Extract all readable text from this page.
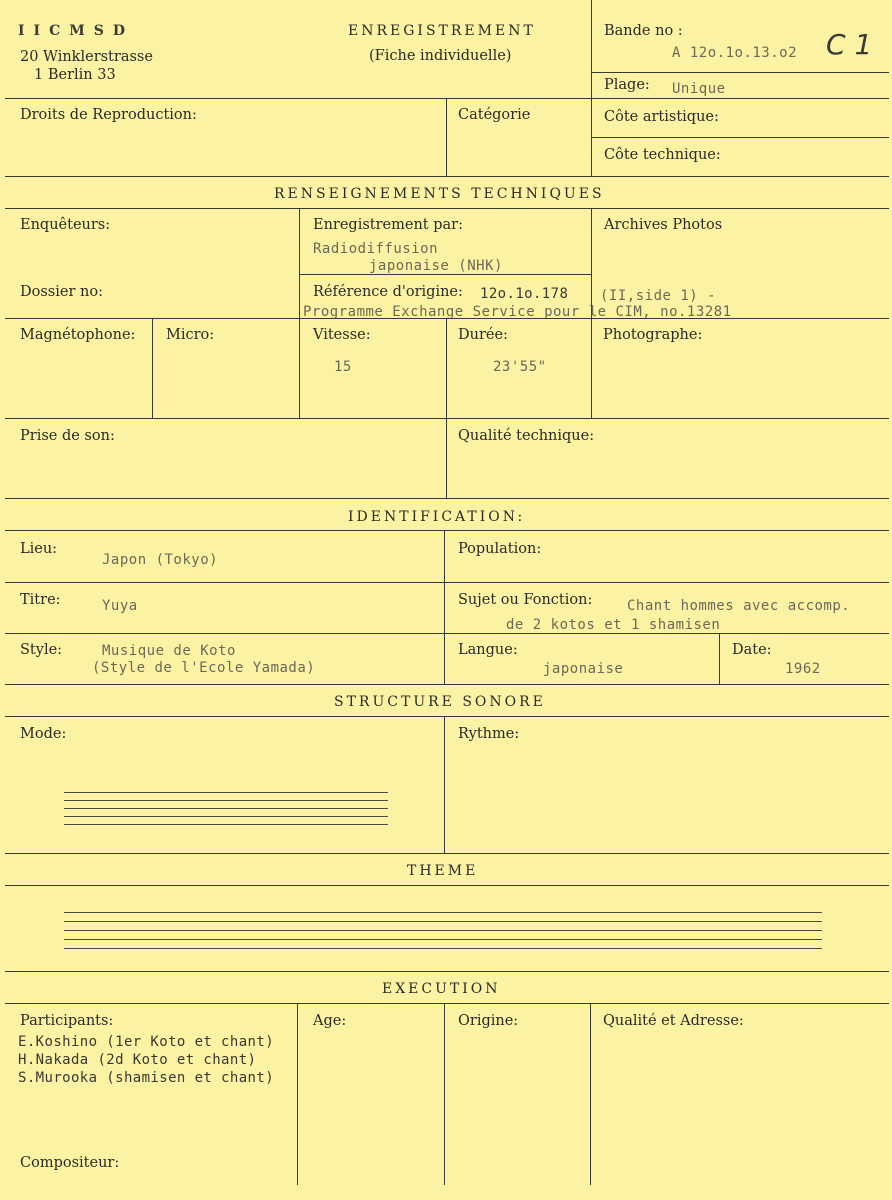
IICMSD
20 Winklerstrasse
1 Berlin 33
ENREGISTREMENT
(Fiche individuelle)
Bande no :
A 12o.1o.13.o2 C 1
Plage: Unique
Droits de Reproduction:	Catégorie	Côte artistique:
Côte technique:
RENSEIGNEMENTS TECHNIQUES
Enquêteurs:	Enregistrement par:
Radiodiffusion
japonaise (NHK)
Archives Photos
Dossier no:	Référence d'origine: 12o.1o.178 (II,side 1) -
Programme Exchange Service pour le CIM, no.13281
Magnétophone: Micro:	Vitesse:
15
Durée:
23'55"
Photographe:
Prise de son:	Qualité technique:
IDENTIFICATION:
Lieu:
Japon (Tokyo)
Population:
Titre:	Yuya	Sujet ou Fonction: Chant hommes avec accomp.
de 2 kotos et 1 shamisen
Style:	Musique de Koto
(Style de l'Ecole Yamada)
Langue:
japonaise
Date:
1962
STRUCTURE SONORE
Mode:	Rythme:
THEME
EXECUTION
Participants:	Age:	Origine:	Qualité et Adresse:
E.Koshino (1er Koto et chant)
H.Nakada (2d Koto et chant)
S.Murooka (shamisen et chant)
Compositeur:
